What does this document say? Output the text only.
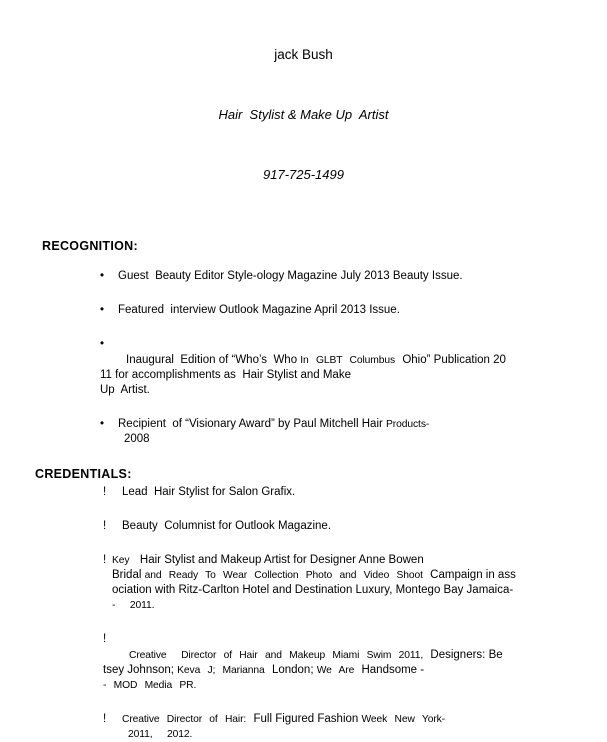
jack Bush

Hair  Stylist & Make Up  Artist

917-725-1499

RECOGNITION:
•	Guest  Beauty Editor Style-ology Magazine July 2013 Beauty Issue.
•	Featured  interview Outlook Magazine April 2013 Issue.
•
Inaugural  Edition of “Who’s  Who In GLBT Columbus Ohio” Publication 20
11 for accomplishments as  Hair Stylist and Make
Up  Artist.
•	Recipient  of “Visionary Award” by Paul Mitchell Hair Products-
2008
CREDENTIALS:
!	Lead  Hair Stylist for Salon Grafix.
!	Beauty  Columnist for Outlook Magazine.
! Key  Hair Stylist and Makeup Artist for Designer Anne Bowen
Bridal and Ready To Wear Collection Photo and Video Shoot Campaign in ass
ociation with Ritz-Carlton Hotel and Destination Luxury, Montego Bay Jamaica-
-  2011.
!
Creative  Director of Hair and Makeup Miami Swim 2011, Designers: Be
tsey Johnson; Keva J; Marianna London; We Are Handsome -
- MOD Media PR.
!	Creative Director of Hair: Full Figured Fashion Week New York-
2011,  2012.
